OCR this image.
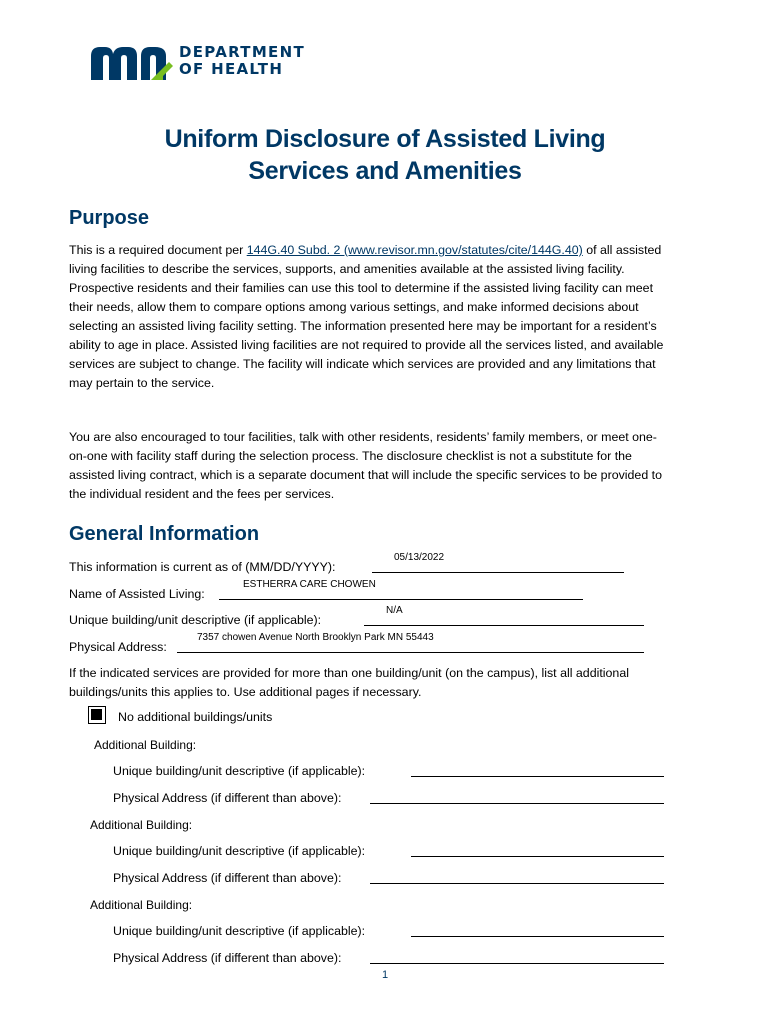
DEPARTMENT
OF HEALTH
Uniform Disclosure of Assisted Living
Services and Amenities
Purpose
This is a required document per 144G.40 Subd. 2 (www.revisor.mn.gov/statutes/cite/144G.40) of all assisted living facilities to describe the services, supports, and amenities available at the assisted living facility. Prospective residents and their families can use this tool to determine if the assisted living facility can meet their needs, allow them to compare options among various settings, and make informed decisions about selecting an assisted living facility setting. The information presented here may be important for a resident’s ability to age in place. Assisted living facilities are not required to provide all the services listed, and available services are subject to change. The facility will indicate which services are provided and any limitations that may pertain to the service.
You are also encouraged to tour facilities, talk with other residents, residents’ family members, or meet one-on-one with facility staff during the selection process. The disclosure checklist is not a substitute for the assisted living contract, which is a separate document that will include the specific services to be provided to the individual resident and the fees per services.
General Information
This information is current as of (MM/DD/YYYY):
05/13/2022
Name of Assisted Living:
ESTHERRA CARE CHOWEN
Unique building/unit descriptive (if applicable):
N/A
Physical Address:
7357 chowen Avenue North Brooklyn Park MN 55443
If the indicated services are provided for more than one building/unit (on the campus), list all additional buildings/units this applies to. Use additional pages if necessary.
No additional buildings/units
Additional Building:
Unique building/unit descriptive (if applicable):
Physical Address (if different than above):
Additional Building:
Unique building/unit descriptive (if applicable):
Physical Address (if different than above):
Additional Building:
Unique building/unit descriptive (if applicable):
Physical Address (if different than above):
1
